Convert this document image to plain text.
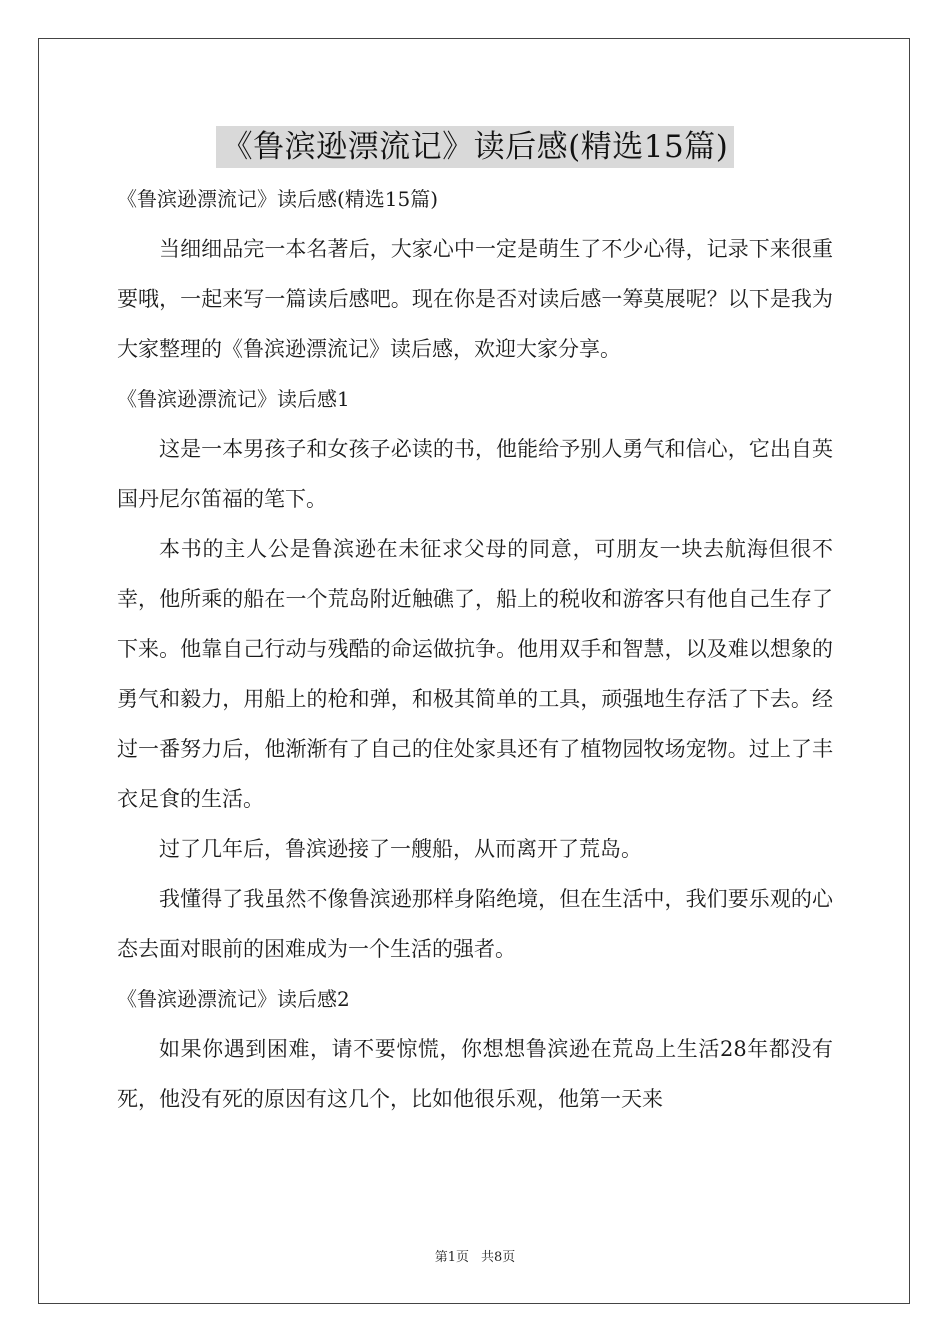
《鲁滨逊漂流记》读后感(精选15篇)
《鲁滨逊漂流记》读后感(精选15篇)

当细细品完一本名著后，大家心中一定是萌生了不少心得，记录下来很重要哦，一起来写一篇读后感吧。现在你是否对读后感一筹莫展呢？以下是我为大家整理的《鲁滨逊漂流记》读后感，欢迎大家分享。

《鲁滨逊漂流记》读后感1

这是一本男孩子和女孩子必读的书，他能给予别人勇气和信心，它出自英国丹尼尔笛福的笔下。

本书的主人公是鲁滨逊在未征求父母的同意，可朋友一块去航海但很不幸，他所乘的船在一个荒岛附近触礁了，船上的税收和游客只有他自己生存了下来。他靠自己行动与残酷的命运做抗争。他用双手和智慧，以及难以想象的勇气和毅力，用船上的枪和弹，和极其简单的工具，顽强地生存活了下去。经过一番努力后，他渐渐有了自己的住处家具还有了植物园牧场宠物。过上了丰衣足食的生活。

过了几年后，鲁滨逊接了一艘船，从而离开了荒岛。

我懂得了我虽然不像鲁滨逊那样身陷绝境，但在生活中，我们要乐观的心态去面对眼前的困难成为一个生活的强者。

《鲁滨逊漂流记》读后感2

如果你遇到困难，请不要惊慌，你想想鲁滨逊在荒岛上生活28年都没有死，他没有死的原因有这几个，比如他很乐观，他第一天来

第1页 共8页
